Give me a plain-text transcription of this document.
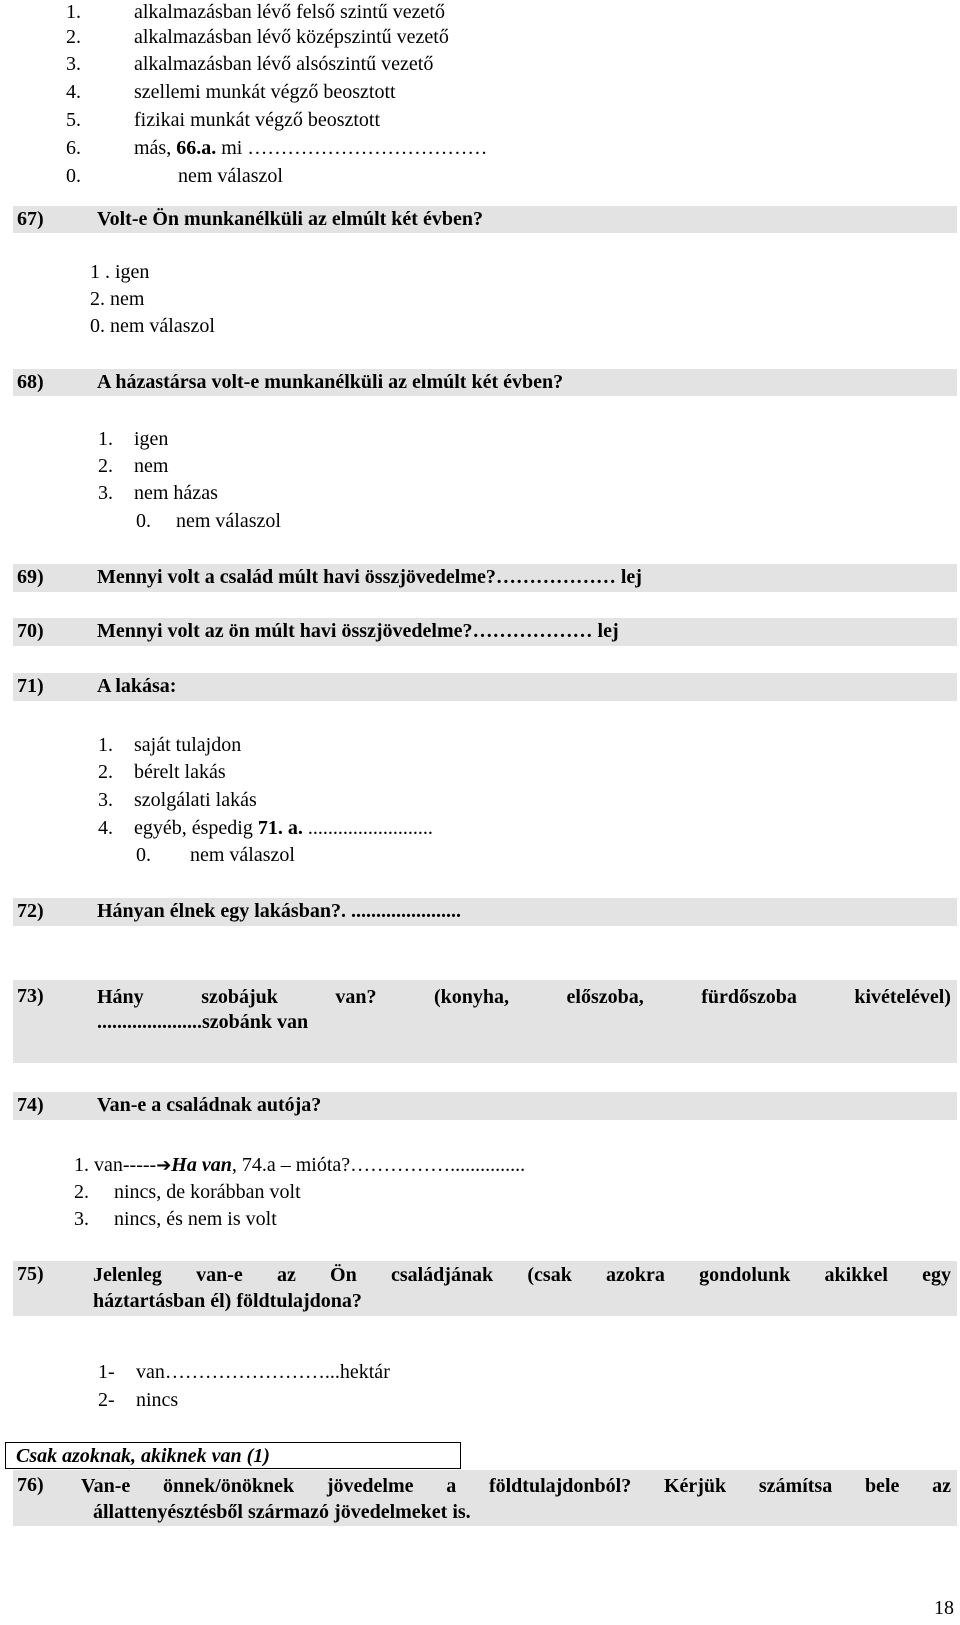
1.	alkalmazásban lévő felső szintű vezető
2.	alkalmazásban lévő középszintű vezető
3.	alkalmazásban lévő alsószintű vezető
4.	szellemi munkát végző beosztott
5.	fizikai munkát végző beosztott
6.	más, 66.a. mi ………………………………
0.	nem válaszol
67)	Volt-e Ön munkanélküli az elmúlt két évben?
1 . igen
2. nem
0. nem válaszol
68)	A házastársa volt-e munkanélküli az elmúlt két évben?
1. igen
2. nem
3. nem házas
0. nem válaszol
69)	Mennyi volt a család múlt havi összjövedelme?……………… lej
70)	Mennyi volt az ön múlt havi összjövedelme?……………… lej
71)	A lakása:
1. saját tulajdon
2. bérelt lakás
3. szolgálati lakás
4. egyéb, éspedig 71. a. .........................
0. nem válaszol
72)	Hányan élnek egy lakásban?. ......................
73)	Hány	szobájuk	van?	(konyha,	előszoba,	fürdőszoba	kivételével)
.....................szobánk van
74)	Van-e a családnak autója?
1. van-----➔Ha van, 74.a – mióta?……………...............
2. nincs, de korábban volt
3. nincs, és nem is volt
75) Jelenleg van-e az Ön családjának (csak azokra gondolunk akikkel egy
háztartásban él) földtulajdona?
1- van……………………...hektár
2- nincs
Csak azoknak, akiknek van (1)
76) Van-e önnek/önöknek jövedelme a földtulajdonból? Kérjük számítsa bele az
állattenyésztésből származó jövedelmeket is.
18
